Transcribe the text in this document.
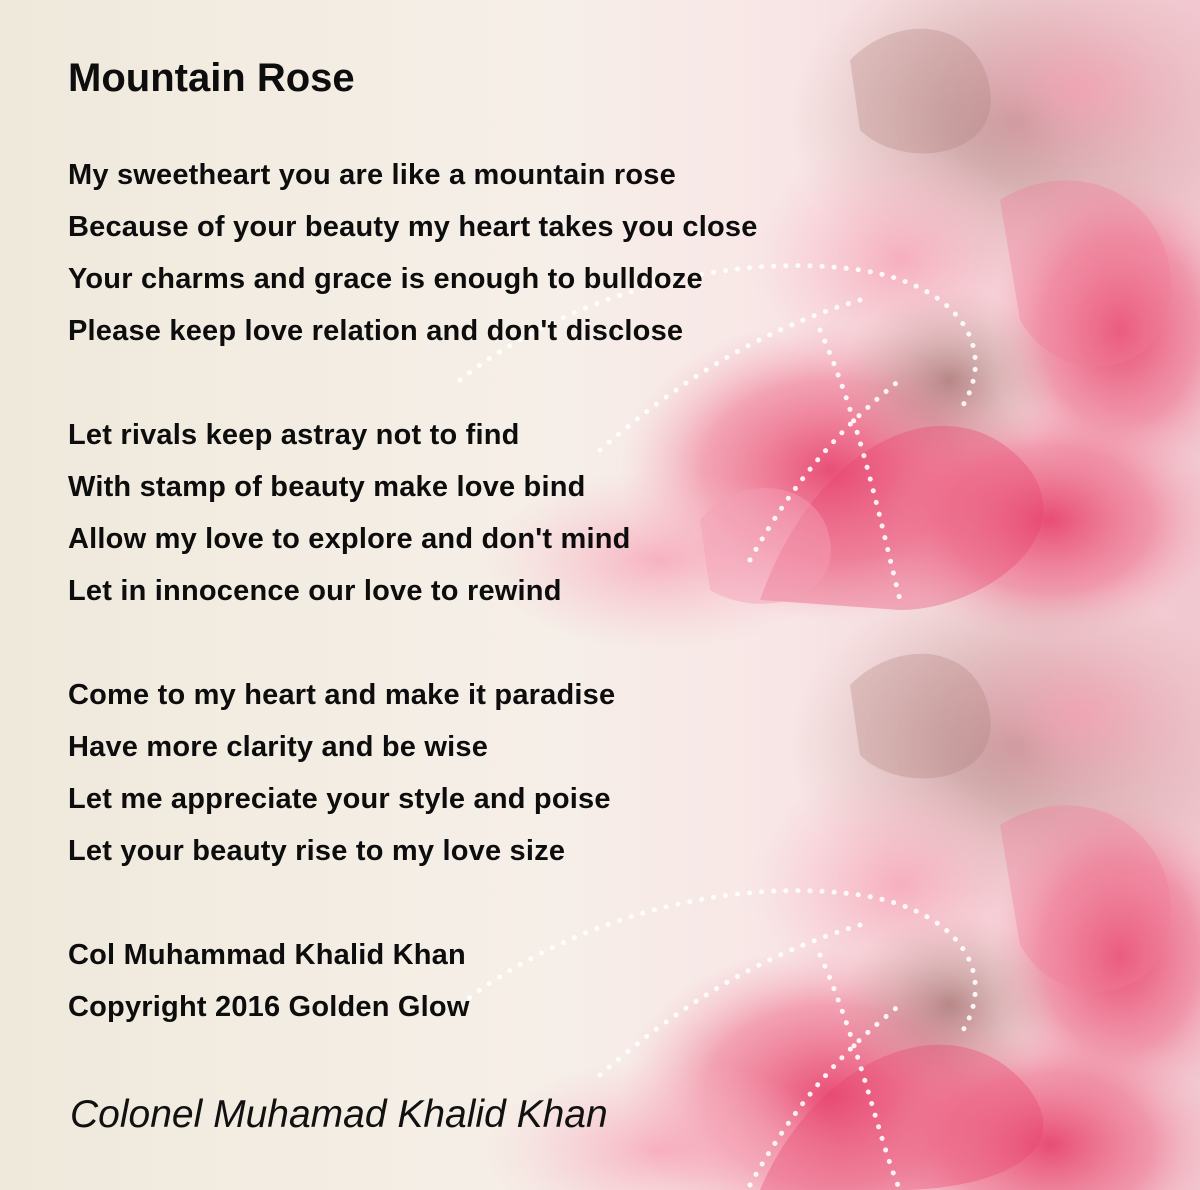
Mountain Rose
My sweetheart you are like a mountain rose
Because of your beauty my heart takes you close
Your charms and grace is enough to bulldoze
Please keep love relation and don't disclose
Let rivals keep astray not to find
With stamp of beauty make love bind
Allow my love to explore and don't mind
Let in innocence our love to rewind
Come to my heart and make it paradise
Have more clarity and be wise
Let me appreciate your style and poise
Let your beauty rise to my love size
Col Muhammad Khalid Khan
Copyright 2016 Golden Glow
Colonel Muhamad Khalid Khan
